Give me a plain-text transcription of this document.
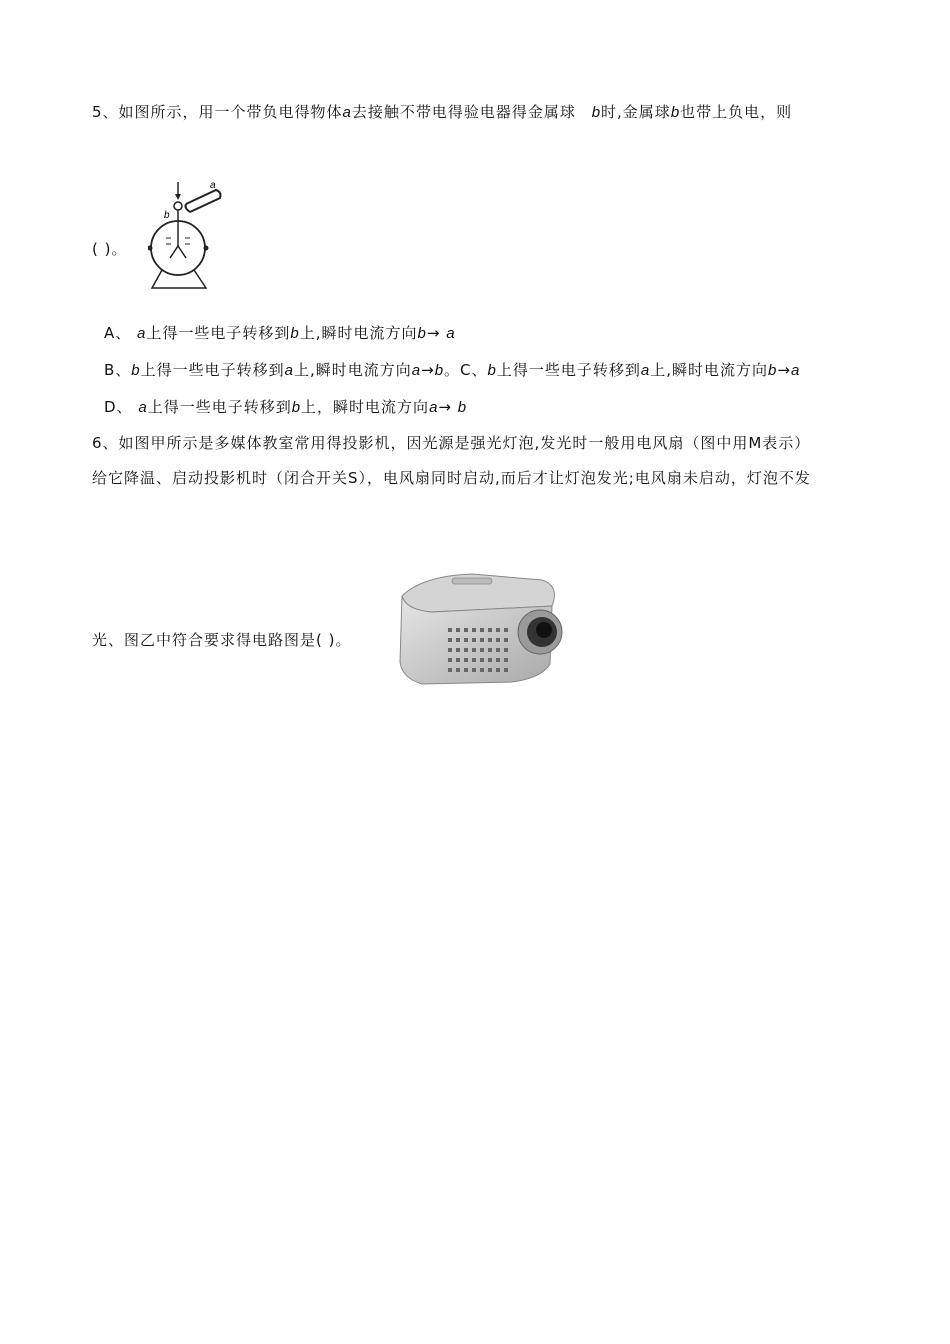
5、如图所示，用一个带负电得物体a去接触不带电得验电器得金属球 b时,金属球b也带上负电，则
( )。
a
b
A、 a上得一些电子转移到b上,瞬时电流方向b→ a
B、b上得一些电子转移到a上,瞬时电流方向a→b。C、b上得一些电子转移到a上,瞬时电流方向b→a
D、 a上得一些电子转移到b上，瞬时电流方向a→ b
6、如图甲所示是多媒体教室常用得投影机，因光源是强光灯泡,发光时一般用电风扇（图中用M表示）
给它降温、启动投影机时（闭合开关S），电风扇同时启动,而后才让灯泡发光;电风扇未启动，灯泡不发
光、图乙中符合要求得电路图是( )。
